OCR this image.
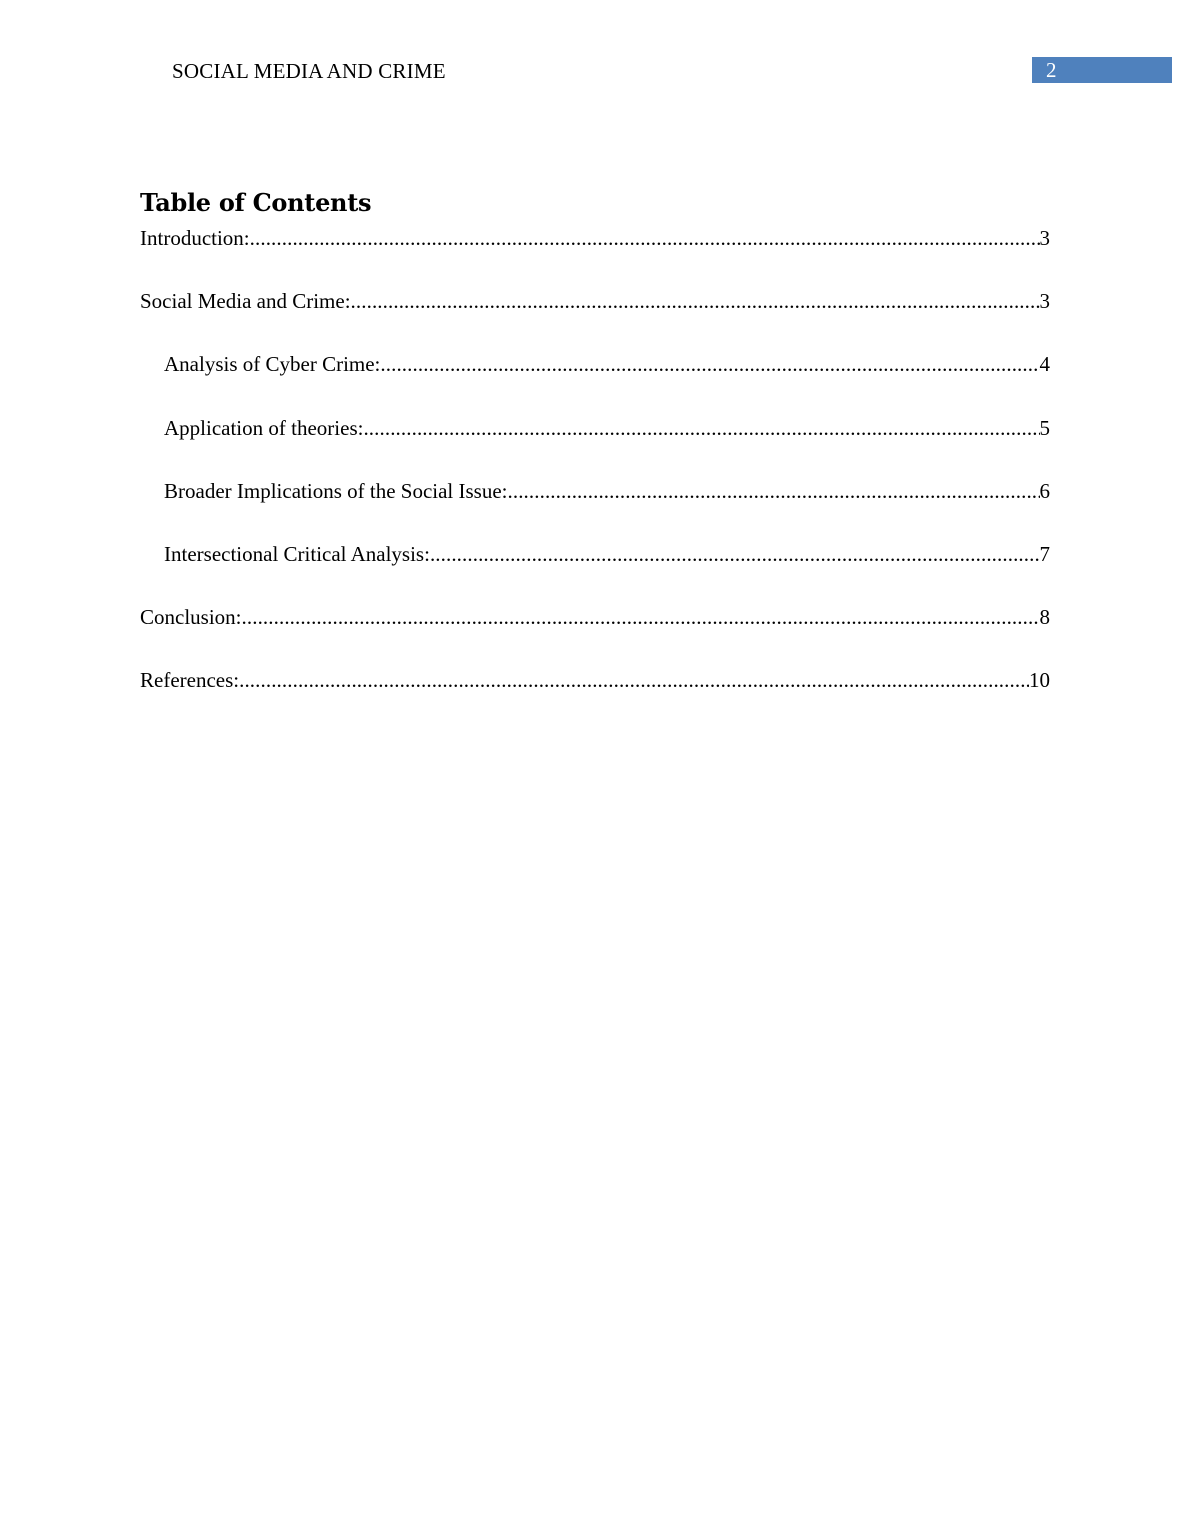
SOCIAL MEDIA AND CRIME	2
Table of Contents
Introduction: .....	3
Social Media and Crime: .....	3
Analysis of Cyber Crime: .....	4
Application of theories: .....	5
Broader Implications of the Social Issue: .....	6
Intersectional Critical Analysis: .....	7
Conclusion: .....	8
References: .....	10
